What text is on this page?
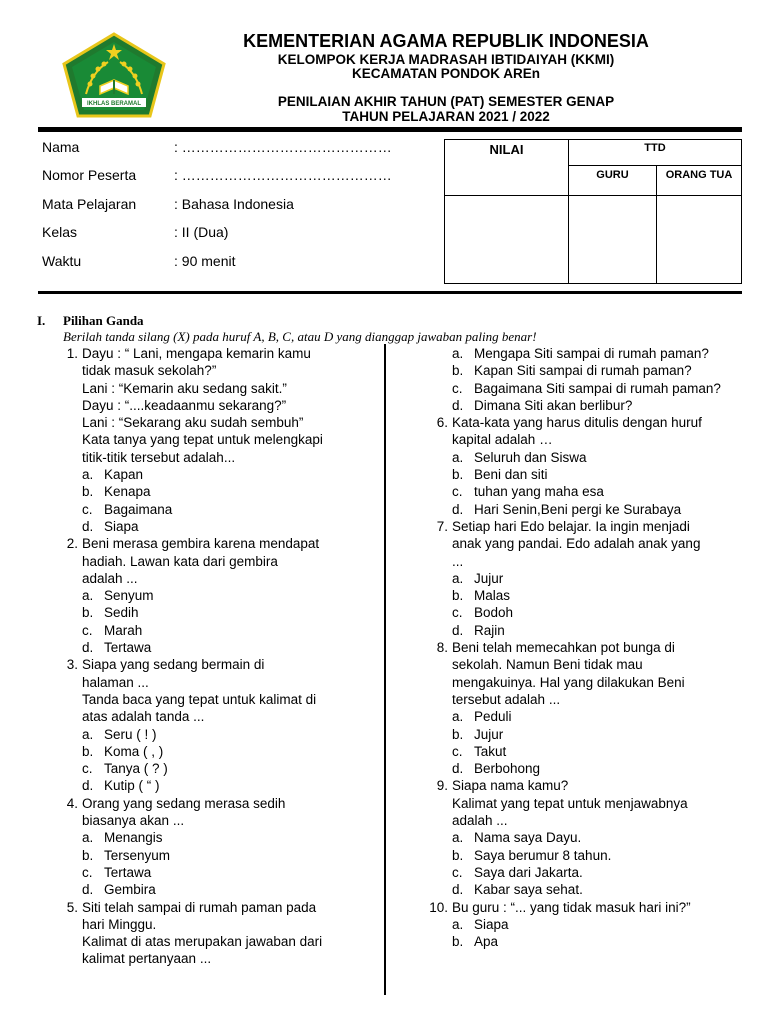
IKHLAS BERAMAL
KEMENTERIAN AGAMA REPUBLIK INDONESIA
KELOMPOK KERJA MADRASAH IBTIDAIYAH (KKMI)
KECAMATAN PONDOK AREn
PENILAIAN AKHIR TAHUN (PAT) SEMESTER GENAP
TAHUN PELAJARAN 2021 / 2022
Nama	: ………………………………………
Nomor Peserta	: ………………………………………
Mata Pelajaran	: Bahasa Indonesia
Kelas	: II (Dua)
Waktu	: 90 menit
NILAI	TTD	
	GURU	ORANG TUA

I. Pilihan Ganda
Berilah tanda silang (X) pada huruf A, B, C, atau D yang dianggap jawaban paling benar!
1. Dayu : “ Lani, mengapa kemarin kamu
tidak masuk sekolah?”
Lani : “Kemarin aku sedang sakit.”
Dayu : “....keadaanmu sekarang?”
Lani : “Sekarang aku sudah sembuh”
Kata tanya yang tepat untuk melengkapi
titik-titik tersebut adalah...
a. Kapan
b. Kenapa
c. Bagaimana
d. Siapa
2. Beni merasa gembira karena mendapat
hadiah. Lawan kata dari gembira
adalah ...
a. Senyum
b. Sedih
c. Marah
d. Tertawa
3. Siapa yang sedang bermain di
halaman ...
Tanda baca yang tepat untuk kalimat di
atas adalah tanda ...
a. Seru ( ! )
b. Koma ( , )
c. Tanya ( ? )
d. Kutip ( “ )
4. Orang yang sedang merasa sedih
biasanya akan ...
a. Menangis
b. Tersenyum
c. Tertawa
d. Gembira
5. Siti telah sampai di rumah paman pada
hari Minggu.
Kalimat di atas merupakan jawaban dari
kalimat pertanyaan ...
a. Mengapa Siti sampai di rumah paman?
b. Kapan Siti sampai di rumah paman?
c. Bagaimana Siti sampai di rumah paman?
d. Dimana Siti akan berlibur?
6. Kata-kata yang harus ditulis dengan huruf
kapital adalah …
a. Seluruh dan Siswa
b. Beni dan siti
c. tuhan yang maha esa
d. Hari Senin,Beni pergi ke Surabaya
7. Setiap hari Edo belajar. Ia ingin menjadi
anak yang pandai. Edo adalah anak yang
...
a. Jujur
b. Malas
c. Bodoh
d. Rajin
8. Beni telah memecahkan pot bunga di
sekolah. Namun Beni tidak mau
mengakuinya. Hal yang dilakukan Beni
tersebut adalah ...
a. Peduli
b. Jujur
c. Takut
d. Berbohong
9. Siapa nama kamu?
Kalimat yang tepat untuk menjawabnya
adalah ...
a. Nama saya Dayu.
b. Saya berumur 8 tahun.
c. Saya dari Jakarta.
d. Kabar saya sehat.
10. Bu guru : “... yang tidak masuk hari ini?”
a. Siapa
b. Apa
